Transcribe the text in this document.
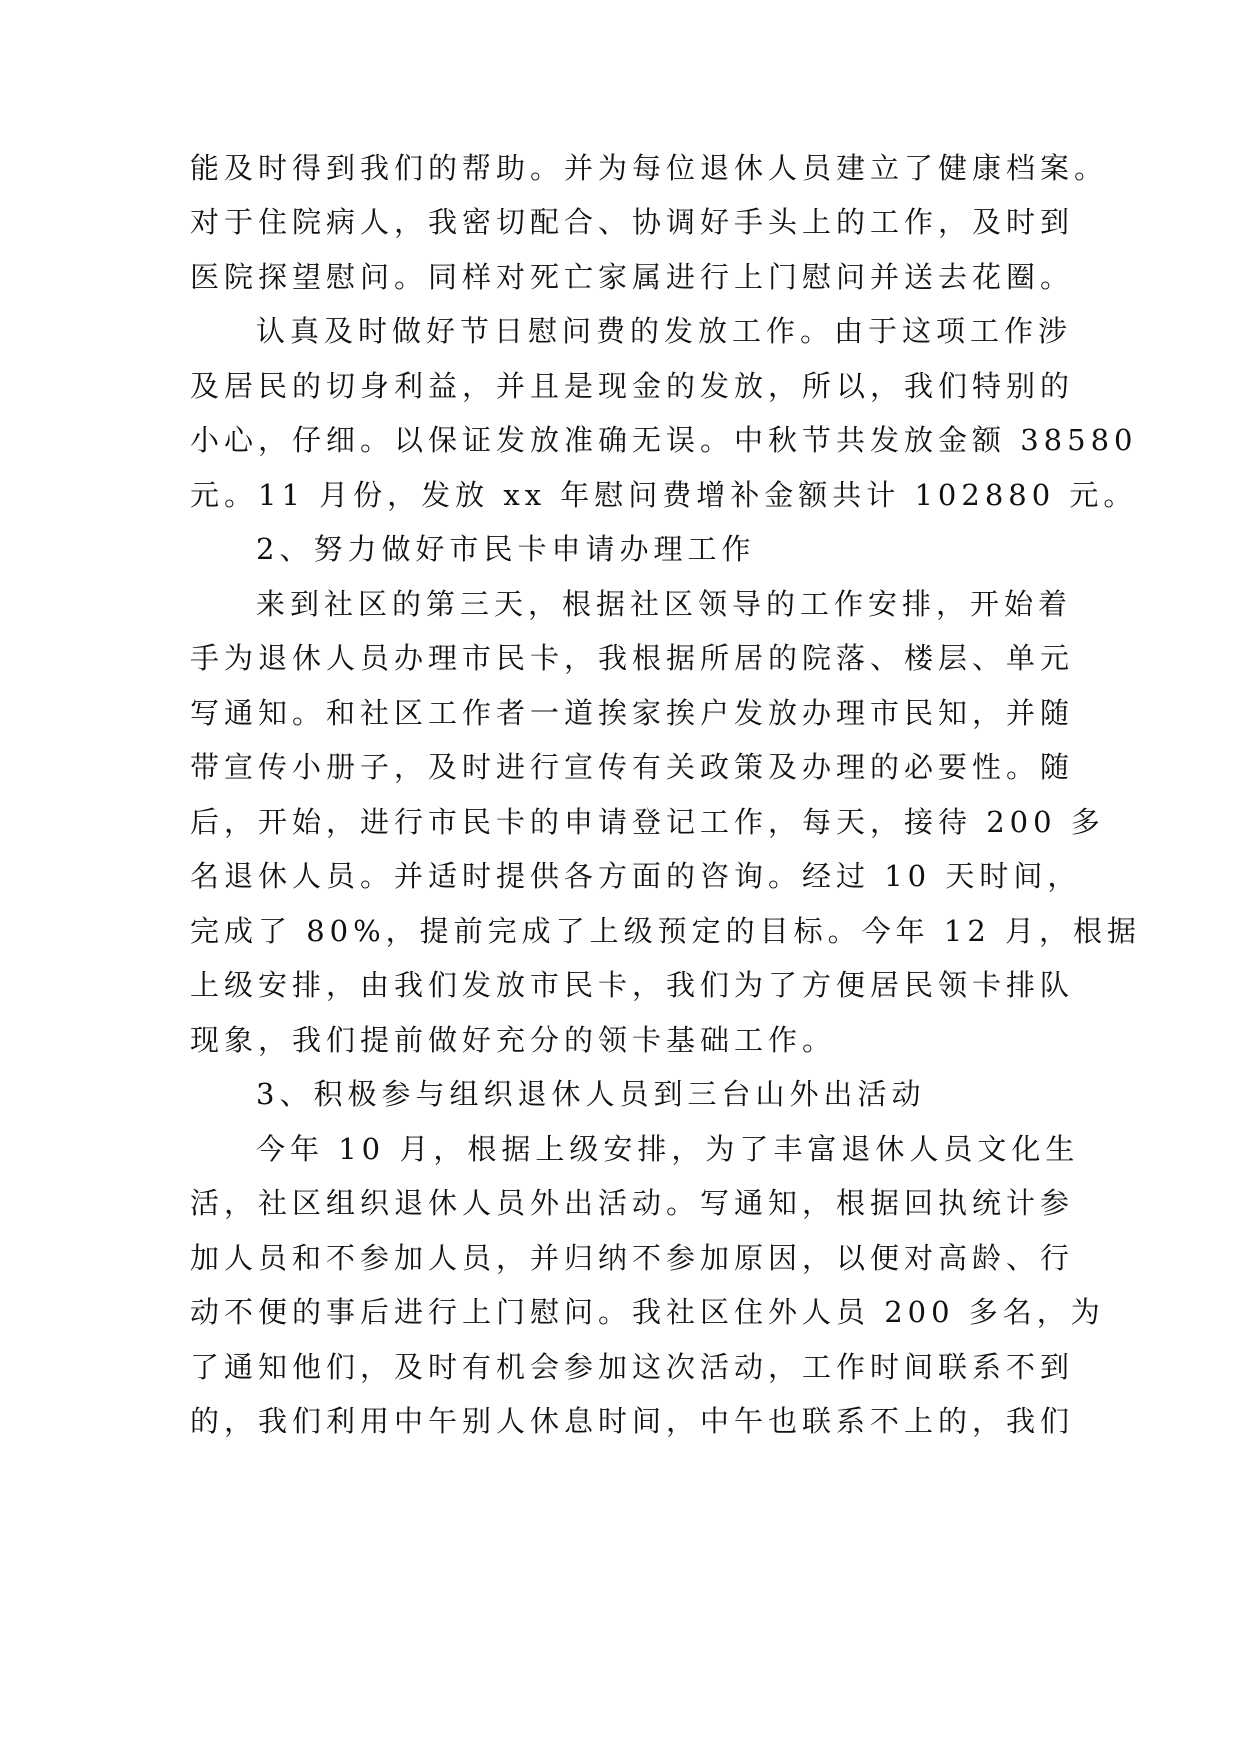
能及时得到我们的帮助。并为每位退休人员建立了健康档案。

对于住院病人，我密切配合、协调好手头上的工作，及时到

医院探望慰问。同样对死亡家属进行上门慰问并送去花圈。

认真及时做好节日慰问费的发放工作。由于这项工作涉

及居民的切身利益，并且是现金的发放，所以，我们特别的

小心，仔细。以保证发放准确无误。中秋节共发放金额 38580

元。11 月份，发放 xx 年慰问费增补金额共计 102880 元。

2、努力做好市民卡申请办理工作

来到社区的第三天，根据社区领导的工作安排，开始着

手为退休人员办理市民卡，我根据所居的院落、楼层、单元

写通知。和社区工作者一道挨家挨户发放办理市民知，并随

带宣传小册子，及时进行宣传有关政策及办理的必要性。随

后，开始，进行市民卡的申请登记工作，每天，接待 200 多

名退休人员。并适时提供各方面的咨询。经过 10 天时间，

完成了 80%，提前完成了上级预定的目标。今年 12 月，根据

上级安排，由我们发放市民卡，我们为了方便居民领卡排队

现象，我们提前做好充分的领卡基础工作。

3、积极参与组织退休人员到三台山外出活动

今年 10 月，根据上级安排，为了丰富退休人员文化生

活，社区组织退休人员外出活动。写通知，根据回执统计参

加人员和不参加人员，并归纳不参加原因，以便对高龄、行

动不便的事后进行上门慰问。我社区住外人员 200 多名，为

了通知他们，及时有机会参加这次活动，工作时间联系不到

的，我们利用中午别人休息时间，中午也联系不上的，我们
